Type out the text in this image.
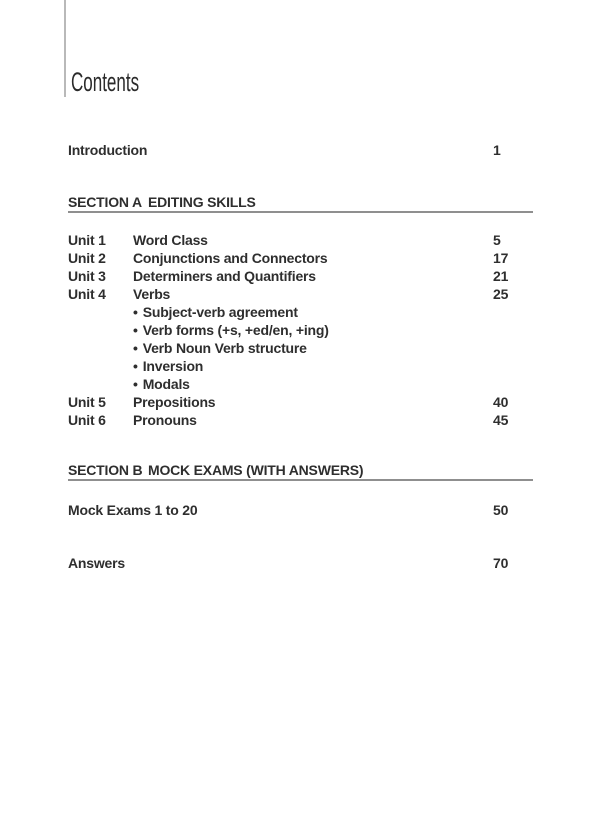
Contents
Introduction	1
SECTION A EDITING SKILLS
Unit 1	Word Class	5
Unit 2	Conjunctions and Connectors	17
Unit 3	Determiners and Quantifiers	21
Unit 4	Verbs	25
• Subject-verb agreement
• Verb forms (+s, +ed/en, +ing)
• Verb Noun Verb structure
• Inversion
• Modals
Unit 5	Prepositions	40
Unit 6	Pronouns	45
SECTION B MOCK EXAMS (WITH ANSWERS)
Mock Exams 1 to 20	50
Answers	70
